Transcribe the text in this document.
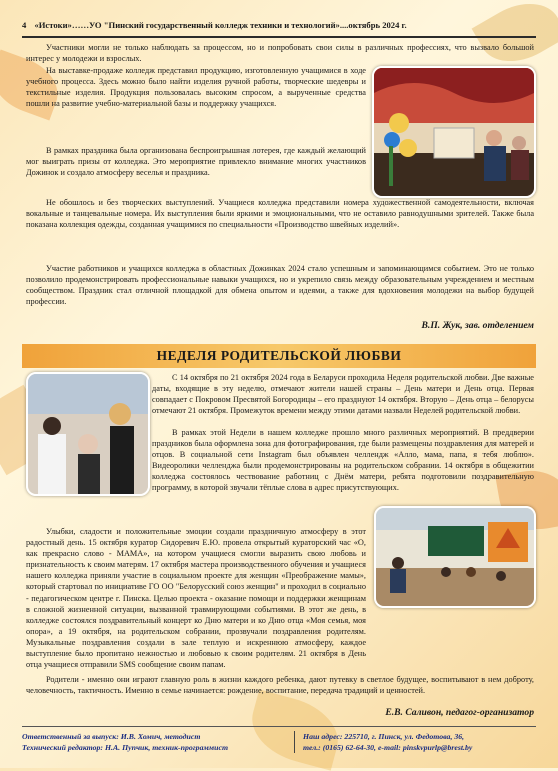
4 «Истоки»……УО "Пинский государственный колледж техники и технологий»....октябрь 2024 г.

Участники могли не только наблюдать за процессом, но и попробовать свои силы в различных профессиях, что вызвало большой интерес у молодежи и взрослых.

На выставке-продаже колледж представил продукцию, изготовленную учащимися в ходе учебного процесса. Здесь можно было найти изделия ручной работы, творческие шедевры и текстильные изделия. Продукция пользовалась высоким спросом, а вырученные средства пошли на развитие учебно-материальной базы и поддержку учащихся.

В рамках праздника была организована беспроигрышная лотерея, где каждый желающий мог выиграть призы от колледжа. Это мероприятие привлекло внимание многих участников Дожинок и создало атмосферу веселья и праздника.

Не обошлось и без творческих выступлений. Учащиеся колледжа представили номера художественной самодеятельности, включая вокальные и танцевальные номера. Их выступления были яркими и эмоциональными, что не оставило равнодушными зрителей. Также была показана коллекция одежды, созданная учащимися по специальности «Производство швейных изделий».

Участие работников и учащихся колледжа в областных Дожинках 2024 стало успешным и запоминающимся событием. Это не только позволило продемонстрировать профессиональные навыки учащихся, но и укрепило связь между образовательным учреждением и местным сообществом. Праздник стал отличной площадкой для обмена опытом и идеями, а также для вдохновения молодежи на выбор будущей профессии.

В.П. Жук, зав. отделением
НЕДЕЛЯ РОДИТЕЛЬСКОЙ ЛЮБВИ

С 14 октября по 21 октября 2024 года в Беларуси проходила Неделя родительской любви. Две важные даты, входящие в эту неделю, отмечают жители нашей страны – День матери и День отца. Первая совпадает с Покровом Пресвятой Богородицы – его празднуют 14 октября. Вторую – День отца – белорусы отмечают 21 октября. Промежуток времени между этими датами назвали Неделей родительской любви.

В рамках этой Недели в нашем колледже прошло много различных мероприятий. В преддверии праздников была оформлена зона для фотографирования, где были размещены поздравления для матерей и отцов. В социальной сети Instagram был объявлен челлендж «Алло, мама, папа, я тебя люблю». Видеоролики челленджа были продемонстрированы на родительском собрании. 14 октября в общежитии колледжа состоялось чествование работниц с Днём матери, ребята подготовили поздравительную программу, в которой звучали тёплые слова в адрес присутствующих.

Улыбки, сладости и положительные эмоции создали праздничную атмосферу в этот радостный день. 15 октября куратор Сидоревич Е.Ю. провела открытый кураторский час «О, как прекрасно слово - МАМА», на котором учащиеся смогли выразить свою любовь и признательность к своим матерям. 17 октября мастера производственного обучения и учащиеся нашего колледжа приняли участие в социальном проекте для женщин «Преображение мамы», который стартовал по инициативе ГО ОО "Белорусский союз женщин" и проходил в социально - педагогическом центре г. Пинска. Целью проекта - оказание помощи и поддержки женщинам в сложной жизненной ситуации, вызванной травмирующими событиями. В этот же день, в колледже состоялся поздравительный концерт ко Дню матери и ко Дню отца «Моя семья, моя опора», а 19 октября, на родительском собрании, прозвучали поздравления родителям. Музыкальные поздравления создали в зале теплую и искреннюю атмосферу, каждое выступление было пропитано нежностью и любовью к своим родителям. 21 октября в День отца учащиеся отправили SMS сообщение своим папам.

Родители - именно они играют главную роль в жизни каждого ребенка, дают путевку в светлое будущее, воспитывают в нем доброту, человечность, тактичность. Именно в семье начинается: рождение, воспитание, передача традиций и ценностей.

Е.В. Саливон, педагог-организатор
Ответственный за выпуск: И.В. Хомич, методист
Технический редактор: Н.А. Пупчик, техник-программист
Наш адрес: 225710, г. Пинск, ул. Федотова, 36,
тел.: (0165) 62-64-30, e-mail: pinskvpurlp@brest.by
